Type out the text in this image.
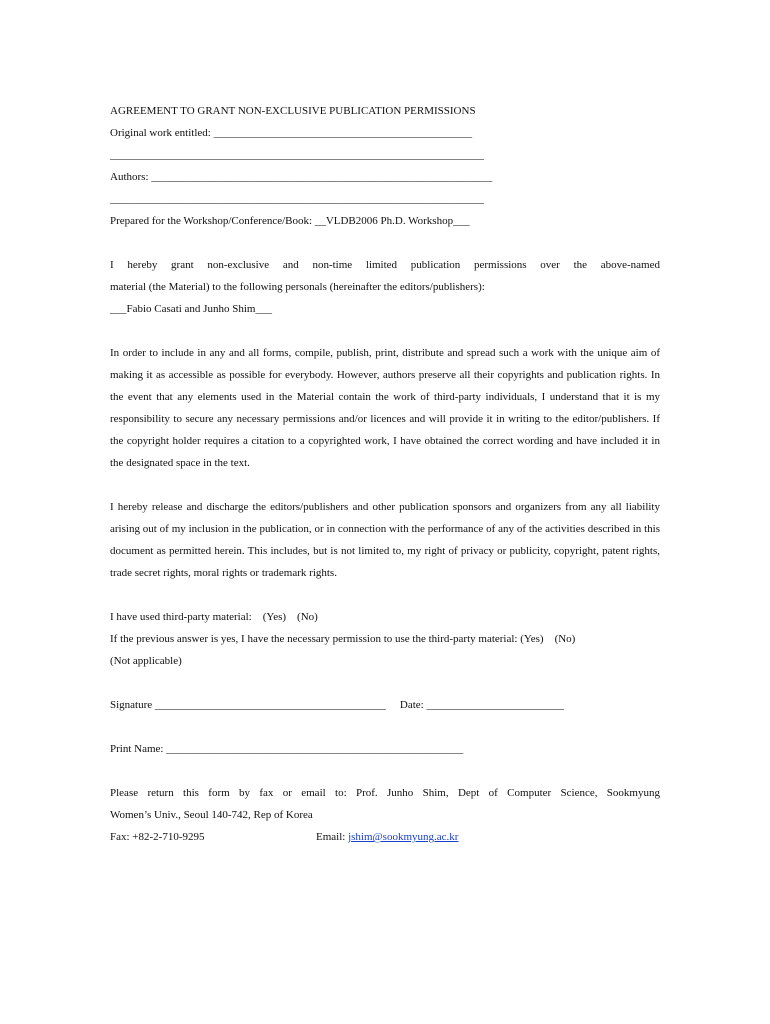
AGREEMENT TO GRANT NON-EXCLUSIVE PUBLICATION PERMISSIONS
Original work entitled: _______________________________________________
____________________________________________________________________
Authors: ______________________________________________________________
____________________________________________________________________
Prepared for the Workshop/Conference/Book: __VLDB2006 Ph.D. Workshop___
I hereby grant non-exclusive and non-time limited publication permissions over the above-named
material (the Material) to the following personals (hereinafter the editors/publishers):
___Fabio Casati and Junho Shim___
In order to include in any and all forms, compile, publish, print, distribute and spread such a work with the unique aim of making it as accessible as possible for everybody. However, authors preserve all their copyrights and publication rights. In the event that any elements used in the Material contain the work of third-party individuals, I understand that it is my responsibility to secure any necessary permissions and/or licences and will provide it in writing to the editor/publishers. If the copyright holder requires a citation to a copyrighted work, I have obtained the correct wording and have included it in the designated space in the text.
I hereby release and discharge the editors/publishers and other publication sponsors and organizers from any all liability arising out of my inclusion in the publication, or in connection with the performance of any of the activities described in this document as permitted herein. This includes, but is not limited to, my right of privacy or publicity, copyright, patent rights, trade secret rights, moral rights or trademark rights.
I have used third-party material:    (Yes)    (No)
If the previous answer is yes, I have the necessary permission to use the third-party material: (Yes)    (No)
(Not applicable)
Signature __________________________________________ Date: _________________________
Print Name: ______________________________________________________
Please return this form by fax or email to: Prof. Junho Shim, Dept of Computer Science, Sookmyung
Women’s Univ., Seoul 140-742, Rep of Korea
Fax: +82-2-710-9295	Email: jshim@sookmyung.ac.kr
